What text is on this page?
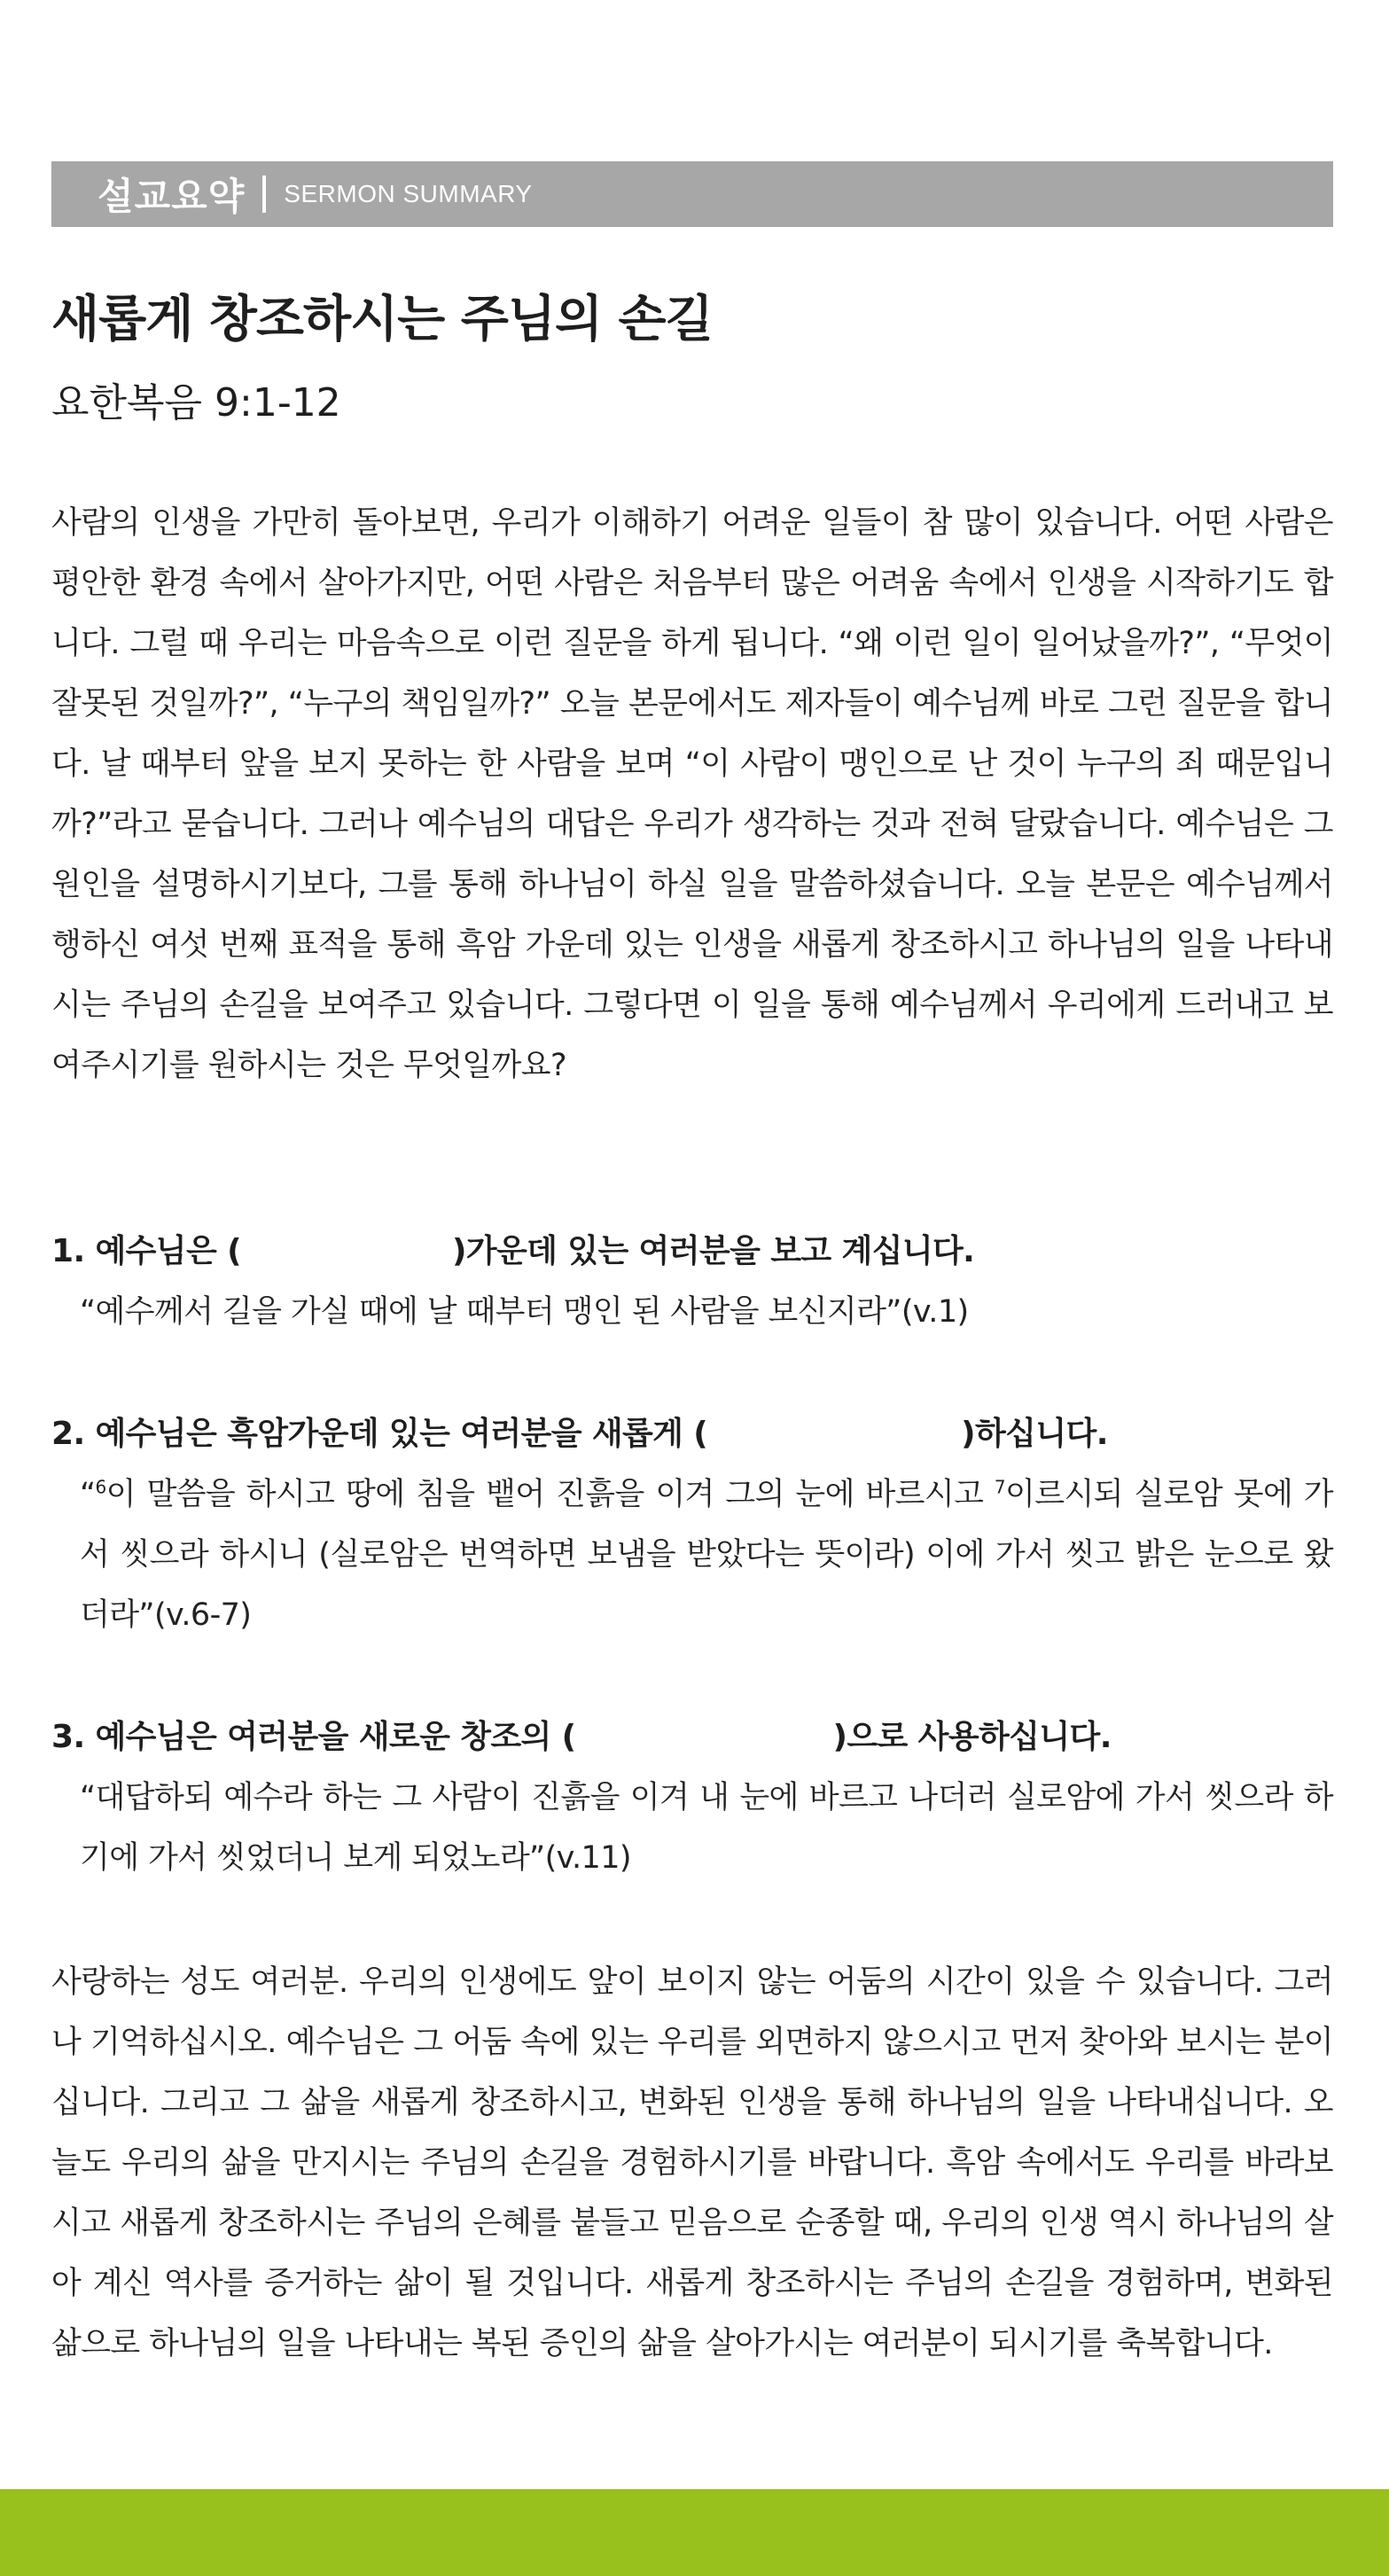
설교요약 SERMON SUMMARY
새롭게 창조하시는 주님의 손길
요한복음 9:1-12

사람의 인생을 가만히 돌아보면, 우리가 이해하기 어려운 일들이 참 많이 있습니다. 어떤 사람은 평안한 환경 속에서 살아가지만, 어떤 사람은 처음부터 많은 어려움 속에서 인생을 시작하기도 합니다. 그럴 때 우리는 마음속으로 이런 질문을 하게 됩니다. “왜 이런 일이 일어났을까?”, “무엇이 잘못된 것일까?”, “누구의 책임일까?” 오늘 본문에서도 제자들이 예수님께 바로 그런 질문을 합니다. 날 때부터 앞을 보지 못하는 한 사람을 보며 “이 사람이 맹인으로 난 것이 누구의 죄 때문입니까?”라고 묻습니다. 그러나 예수님의 대답은 우리가 생각하는 것과 전혀 달랐습니다. 예수님은 그 원인을 설명하시기보다, 그를 통해 하나님이 하실 일을 말씀하셨습니다. 오늘 본문은 예수님께서 행하신 여섯 번째 표적을 통해 흑암 가운데 있는 인생을 새롭게 창조하시고 하나님의 일을 나타내시는 주님의 손길을 보여주고 있습니다. 그렇다면 이 일을 통해 예수님께서 우리에게 드러내고 보여주시기를 원하시는 것은 무엇일까요?

1. 예수님은 (	)가운데 있는 여러분을 보고 계십니다.
“예수께서 길을 가실 때에 날 때부터 맹인 된 사람을 보신지라”(v.1)
2. 예수님은 흑암가운데 있는 여러분을 새롭게 (	)하십니다.
“$^6$이 말씀을 하시고 땅에 침을 뱉어 진흙을 이겨 그의 눈에 바르시고 $^7$이르시되 실로암 못에 가서 씻으라 하시니 (실로암은 번역하면 보냄을 받았다는 뜻이라) 이에 가서 씻고 밝은 눈으로 왔더라”(v.6-7)
3. 예수님은 여러분을 새로운 창조의 (	)으로 사용하십니다.
“대답하되 예수라 하는 그 사람이 진흙을 이겨 내 눈에 바르고 나더러 실로암에 가서 씻으라 하기에 가서 씻었더니 보게 되었노라”(v.11)

사랑하는 성도 여러분. 우리의 인생에도 앞이 보이지 않는 어둠의 시간이 있을 수 있습니다. 그러나 기억하십시오. 예수님은 그 어둠 속에 있는 우리를 외면하지 않으시고 먼저 찾아와 보시는 분이십니다. 그리고 그 삶을 새롭게 창조하시고, 변화된 인생을 통해 하나님의 일을 나타내십니다. 오늘도 우리의 삶을 만지시는 주님의 손길을 경험하시기를 바랍니다. 흑암 속에서도 우리를 바라보시고 새롭게 창조하시는 주님의 은혜를 붙들고 믿음으로 순종할 때, 우리의 인생 역시 하나님의 살아 계신 역사를 증거하는 삶이 될 것입니다. 새롭게 창조하시는 주님의 손길을 경험하며, 변화된 삶으로 하나님의 일을 나타내는 복된 증인의 삶을 살아가시는 여러분이 되시기를 축복합니다.
